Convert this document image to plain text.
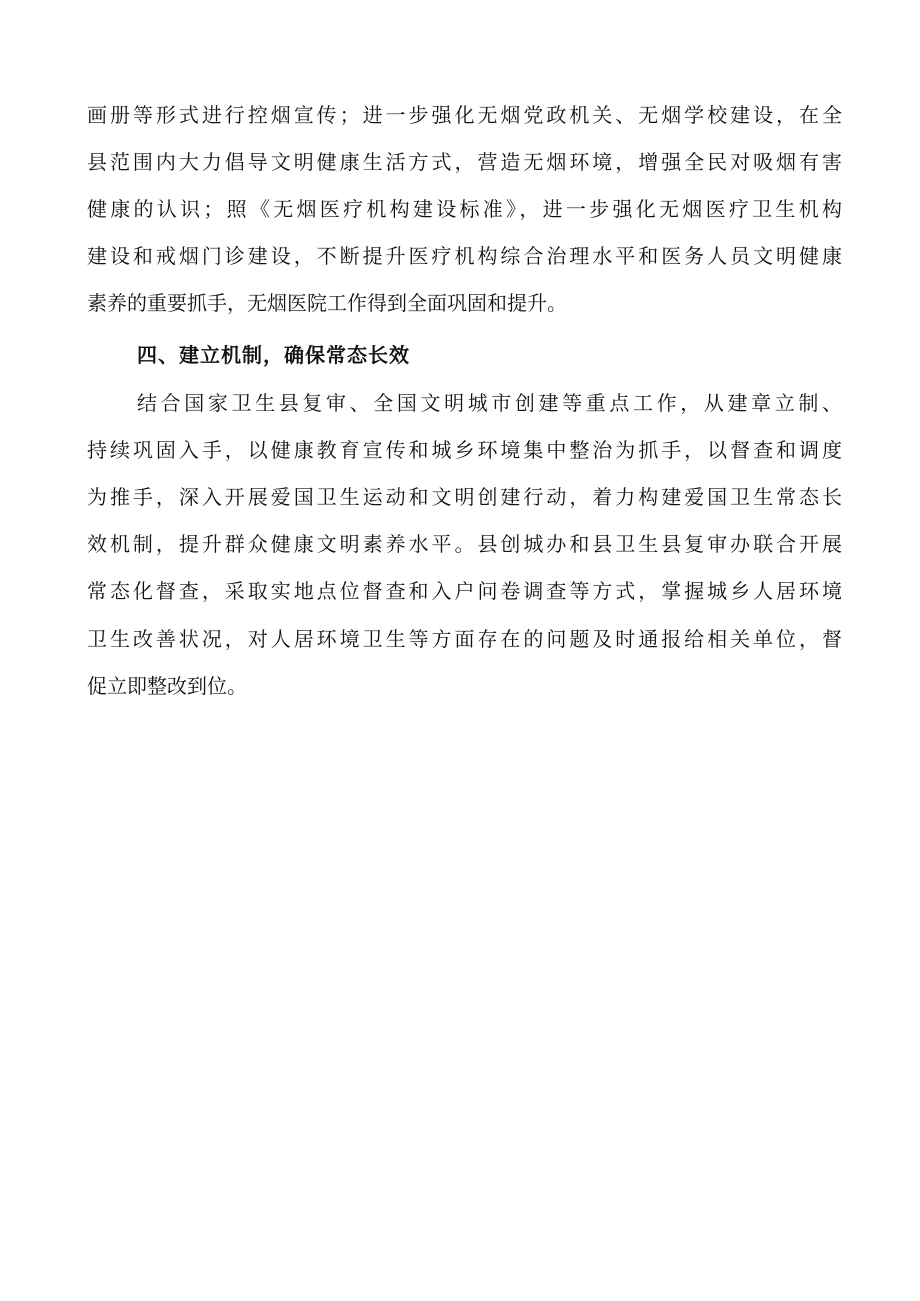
画册等形式进行控烟宣传；进一步强化无烟党政机关、无烟学校建设，在全
县范围内大力倡导文明健康生活方式，营造无烟环境，增强全民对吸烟有害
健康的认识；照《无烟医疗机构建设标准》，进一步强化无烟医疗卫生机构
建设和戒烟门诊建设，不断提升医疗机构综合治理水平和医务人员文明健康
素养的重要抓手，无烟医院工作得到全面巩固和提升。
四、建立机制，确保常态长效
结合国家卫生县复审、全国文明城市创建等重点工作，从建章立制、
持续巩固入手，以健康教育宣传和城乡环境集中整治为抓手，以督查和调度
为推手，深入开展爱国卫生运动和文明创建行动，着力构建爱国卫生常态长
效机制，提升群众健康文明素养水平。县创城办和县卫生县复审办联合开展
常态化督查，采取实地点位督查和入户问卷调查等方式，掌握城乡人居环境
卫生改善状况，对人居环境卫生等方面存在的问题及时通报给相关单位，督
促立即整改到位。
